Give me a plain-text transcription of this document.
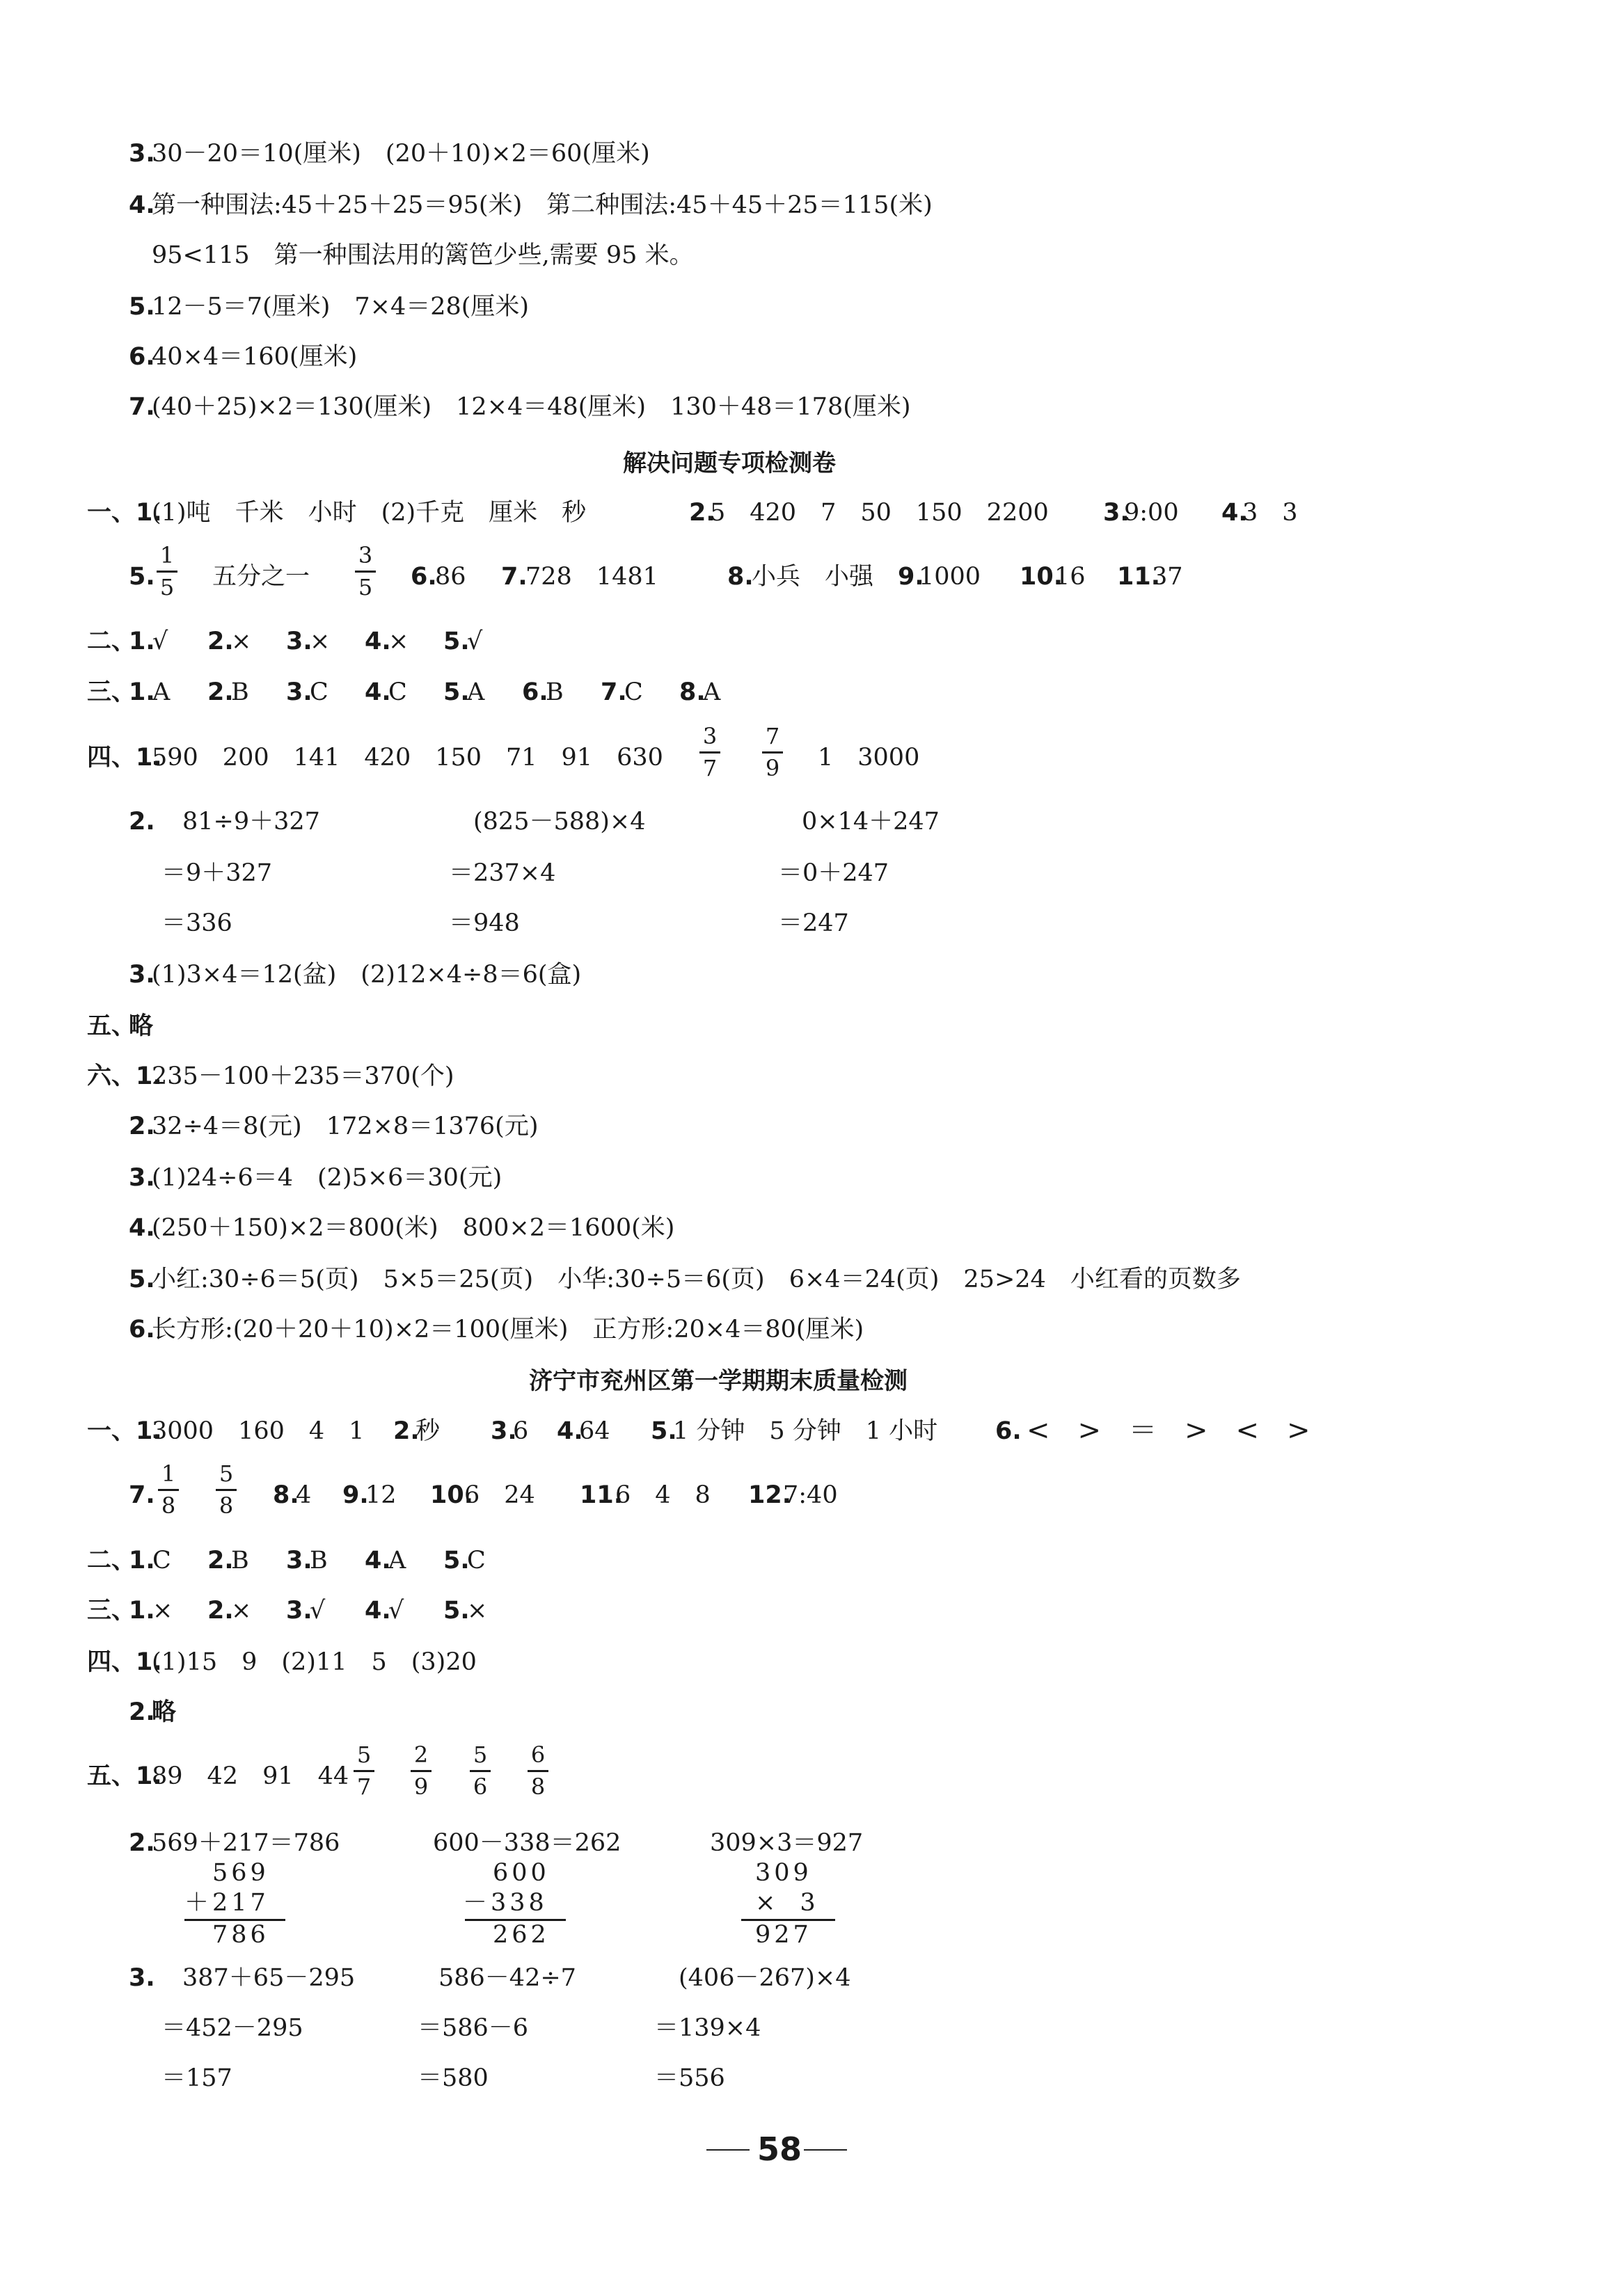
3.
30－20＝10(厘米)　(20＋10)×2＝60(厘米)
4.
第一种围法:45＋25＋25＝95(米)　第二种围法:45＋45＋25＝115(米)
95<115　第一种围法用的篱笆少些,需要 95 米。
5.
12－5＝7(厘米)　7×4＝28(厘米)
6.
40×4＝160(厘米)
7.
(40＋25)×2＝130(厘米)　12×4＝48(厘米)　130＋48＝178(厘米)
解决问题专项检测卷
一、1.
(1)吨　千米　小时　(2)千克　厘米　秒	2.
5　420　7　50　150　2200 3.
9:00 4.
3　3
5.
1
5 五分之一
3
5 6.
86 7.
728　1481	8.
小兵　小强 9.
1000 10.
16 11.
37
二、
1.
√ 2.
× 3.
× 4.
× 5.
√
三、
1.
A 2.
B 3.
C 4.
C 5.
A 6.
B 7.
C 8.
A
四、1.
590　200　141　420　150　71　91　630
3
7
7
9 1　3000
2. 81÷9＋327
＝9＋327
＝336
(825－588)×4
＝237×4
＝948
0×14＋247
＝0＋247
＝247
3.
(1)3×4＝12(盆)　(2)12×4÷8＝6(盒)
五、
略
六、1.
235－100＋235＝370(个)
2.
32÷4＝8(元)　172×8＝1376(元)
3.
(1)24÷6＝4　(2)5×6＝30(元)
4.
(250＋150)×2＝800(米)　800×2＝1600(米)
5.
小红:30÷6＝5(页)　5×5＝25(页)　小华:30÷5＝6(页)　6×4＝24(页)　25>24　小红看的页数多
6.
长方形:(20＋20＋10)×2＝100(厘米)　正方形:20×4＝80(厘米)
济宁市兖州区第一学期期末质量检测
一、1.
3000　160　4　1 2.
秒 3.
6 4.
64 5.
1 分钟　5 分钟　1 小时 6. <　>　＝　>　<　>
7.
1
8
5
8 8.
4 9.
12 10.
6　24 11.
6　4　8 12.
7:40
二、
1.
C 2.
B 3.
B 4.
A 5.
C
三、
1.
× 2.
× 3.
√ 4.
√ 5.
×
四、1.
(1)15　9　(2)11　5　(3)20
2.
略
五、1.
89　42　91　44
5
7
2
9
5
6
6
8
2.
569＋217＝786	600－338＝262	309×3＝927
569
＋217
786
600
－338
262
309
×　3
927
3. 387＋65－295
＝452－295
＝157
586－42÷7
＝586－6
＝580
(406－267)×4
＝139×4
＝556
58
